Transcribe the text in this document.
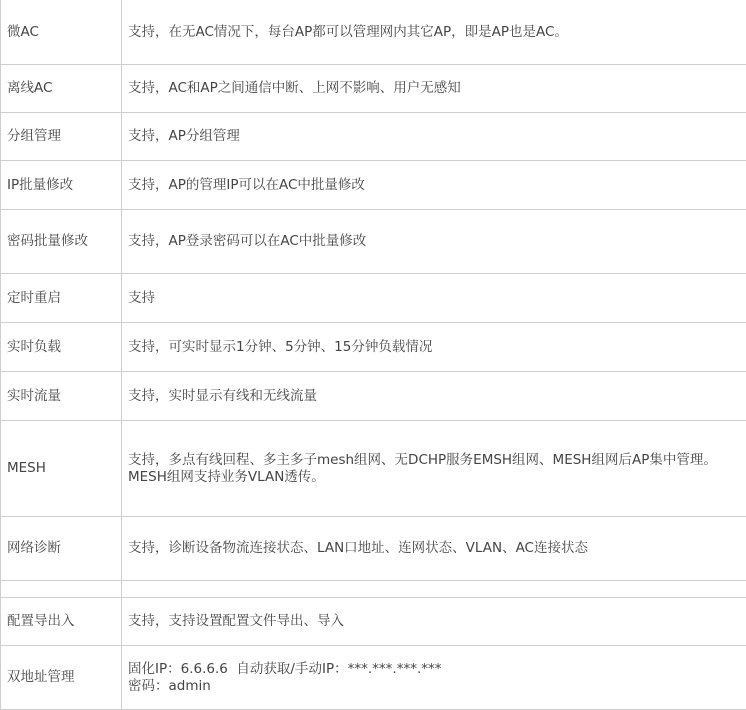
微AC	支持，在无AC情况下，每台AP都可以管理网内其它AP，即是AP也是AC。

离线AC	支持，AC和AP之间通信中断、上网不影响、用户无感知

分组管理	支持，AP分组管理

IP批量修改	支持，AP的管理IP可以在AC中批量修改

密码批量修改	支持，AP登录密码可以在AC中批量修改

定时重启	支持

实时负载	支持，可实时显示1分钟、5分钟、15分钟负载情况

实时流量	支持，实时显示有线和无线流量

MESH	支持，多点有线回程、多主多子mesh组网、无DCHP服务EMSH组网、MESH组网后AP集中管理。
MESH组网支持业务VLAN透传。

网络诊断	支持，诊断设备物流连接状态、LAN口地址、连网状态、VLAN、AC连接状态

配置导出入	支持，支持设置配置文件导出、导入

双地址管理	固化IP：6.6.6.6  自动获取/手动IP：***.***.***.***
密码：admin
